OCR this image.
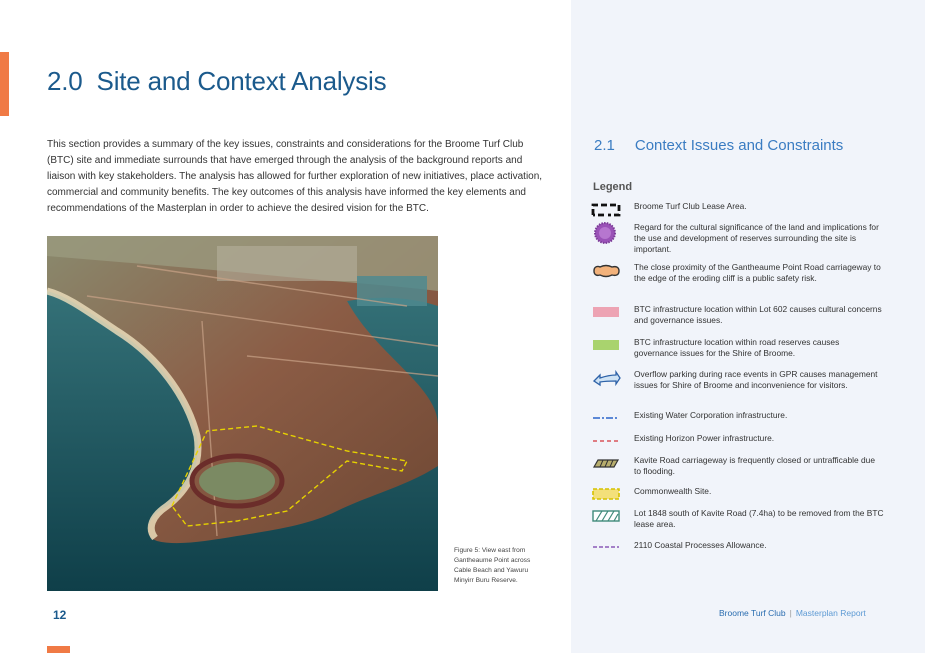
2.0 Site and Context Analysis
This section provides a summary of the key issues, constraints and considerations for the Broome Turf Club (BTC) site and immediate surrounds that have emerged through the analysis of the background reports and liaison with key stakeholders. The analysis has allowed for further exploration of new initiatives, place activation, commercial and community benefits. The key outcomes of this analysis have informed the key elements and recommendations of the Masterplan in order to achieve the desired vision for the BTC.
Figure 5: View east from Gantheaume Point across Cable Beach and Yawuru Minyirr Buru Reserve.
12
2.1 Context Issues and Constraints
Legend
Broome Turf Club Lease Area.
Regard for the cultural significance of the land and implications for the use and development of reserves surrounding the site is important.
The close proximity of the Gantheaume Point Road carriageway to the edge of the eroding cliff is a public safety risk.
BTC infrastructure location within Lot 602 causes cultural concerns and governance issues.
BTC infrastructure location within road reserves causes governance issues for the Shire of Broome.
Overflow parking during race events in GPR causes management issues for Shire of Broome and inconvenience for visitors.
Existing Water Corporation infrastructure.
Existing Horizon Power infrastructure.
Kavite Road carriageway is frequently closed or untrafficable due to flooding.
Commonwealth Site.
Lot 1848 south of Kavite Road (7.4ha) to be removed from the BTC lease area.
2110 Coastal Processes Allowance.
Broome Turf Club | Masterplan Report
